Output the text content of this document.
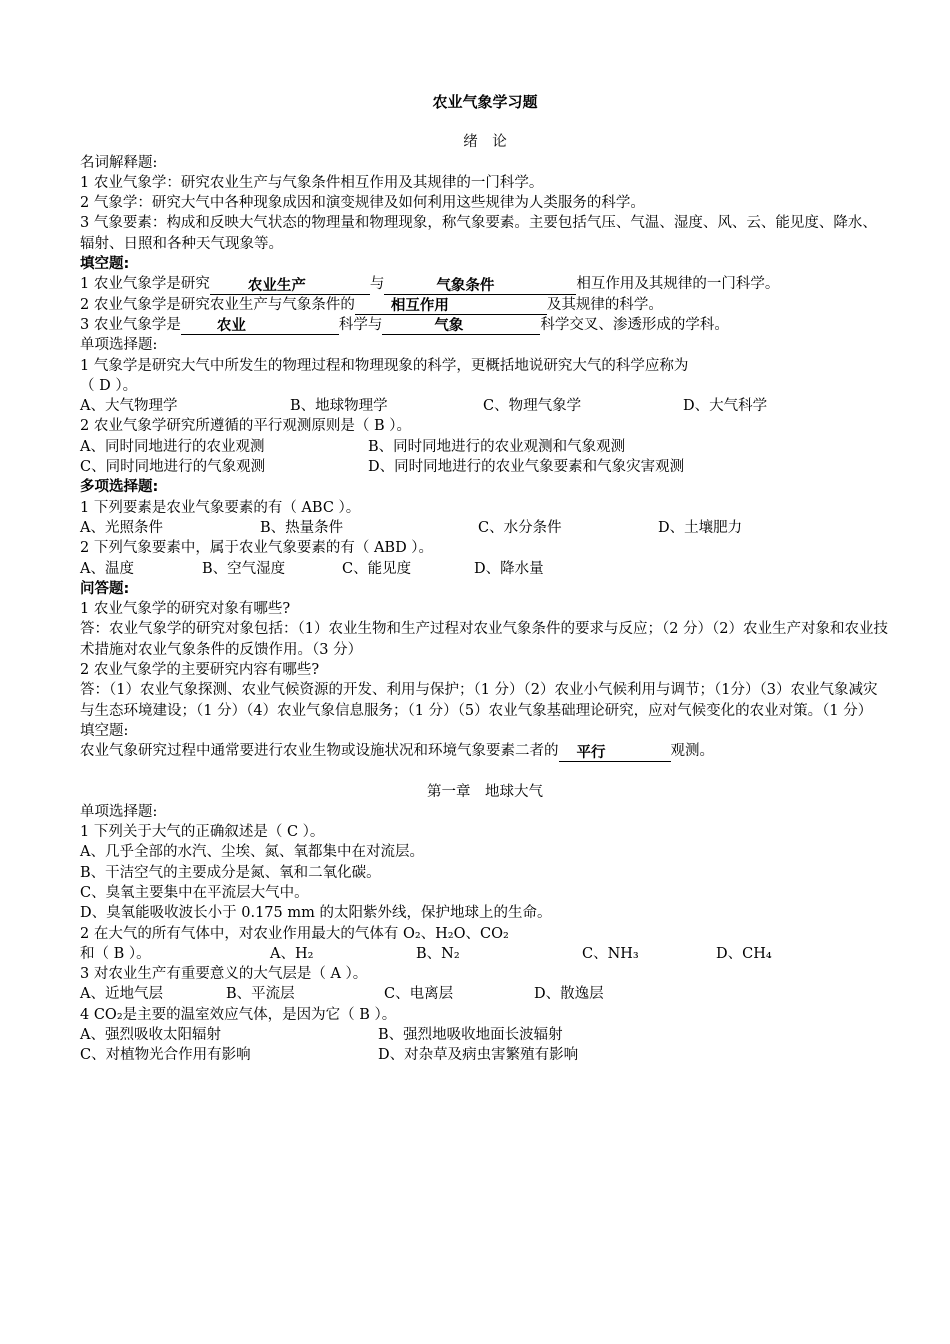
农业气象学习题
绪　论
名词解释题:
1 农业气象学：研究农业生产与气象条件相互作用及其规律的一门科学。
2 气象学：研究大气中各种现象成因和演变规律及如何利用这些规律为人类服务的科学。
3 气象要素：构成和反映大气状态的物理量和物理现象，称气象要素。主要包括气压、气温、湿度、风、云、能见度、降水、辐射、日照和各种天气现象等。
填空题:
1 农业气象学是研究	农业生产	与	气象条件	相互作用及其规律的一门科学。
2 农业气象学是研究农业生产与气象条件的 相互作用	及其规律的科学。
3 农业气象学是 农业	科学与	气象	科学交叉、渗透形成的学科。
单项选择题:
1 气象学是研究大气中所发生的物理过程和物理现象的科学，更概括地说研究大气的科学应称为
（ D ）。
A、大气物理学	B、地球物理学	C、物理气象学	D、大气科学
2 农业气象学研究所遵循的平行观测原则是（ B ）。
A、同时同地进行的农业观测	B、同时同地进行的农业观测和气象观测
C、同时同地进行的气象观测	D、同时同地进行的农业气象要素和气象灾害观测
多项选择题:
1 下列要素是农业气象要素的有（ ABC ）。
A、光照条件	B、热量条件	C、水分条件	D、土壤肥力
2 下列气象要素中，属于农业气象要素的有（ ABD ）。
A、温度	B、空气湿度	C、能见度	D、降水量
问答题:
1 农业气象学的研究对象有哪些?
答：农业气象学的研究对象包括：（1）农业生物和生产过程对农业气象条件的要求与反应；（2 分）（2）农业生产对象和农业技术措施对农业气象条件的反馈作用。（3 分）
2 农业气象学的主要研究内容有哪些?
答：（1）农业气象探测、农业气候资源的开发、利用与保护；（1 分）（2）农业小气候利用与调节；（1分）（3）农业气象减灾与生态环境建设；（1 分）（4）农业气象信息服务；（1 分）（5）农业气象基础理论研究，应对气候变化的农业对策。（1 分）
填空题:
农业气象研究过程中通常要进行农业生物或设施状况和环境气象要素二者的 平行	观测。
第一章　地球大气
单项选择题:
1 下列关于大气的正确叙述是（ C ）。
A、几乎全部的水汽、尘埃、氮、氧都集中在对流层。
B、干洁空气的主要成分是氮、氧和二氧化碳。
C、臭氧主要集中在平流层大气中。
D、臭氧能吸收波长小于 0.175 mm 的太阳紫外线，保护地球上的生命。
2 在大气的所有气体中，对农业作用最大的气体有 O₂、H₂O、CO₂
和（ B ）。	A、H₂	B、N₂	C、NH₃	D、CH₄
3 对农业生产有重要意义的大气层是（ A ）。
A、近地气层	B、平流层	C、电离层	D、散逸层
4 CO₂是主要的温室效应气体，是因为它（ B ）。
A、强烈吸收太阳辐射	B、强烈地吸收地面长波辐射
C、对植物光合作用有影响	D、对杂草及病虫害繁殖有影响
